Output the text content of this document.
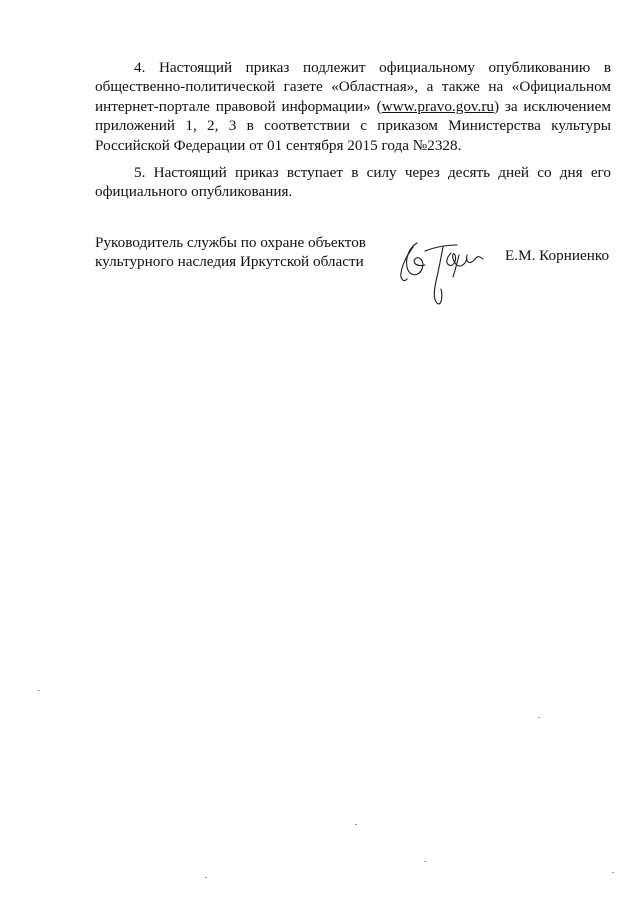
4. Настоящий приказ подлежит официальному опубликованию в
общественно-политической газете «Областная», а также на «Официальном
интернет-портале правовой информации» (www.pravo.gov.ru) за исключением
приложений 1, 2, 3 в соответствии с приказом Министерства культуры
Российской Федерации от 01 сентября 2015 года №2328.

5. Настоящий приказ вступает в силу через десять дней со дня его
официального опубликования.

Руководитель службы по охране объектов
культурного наследия Иркутской области	Е.М. Корниенко
